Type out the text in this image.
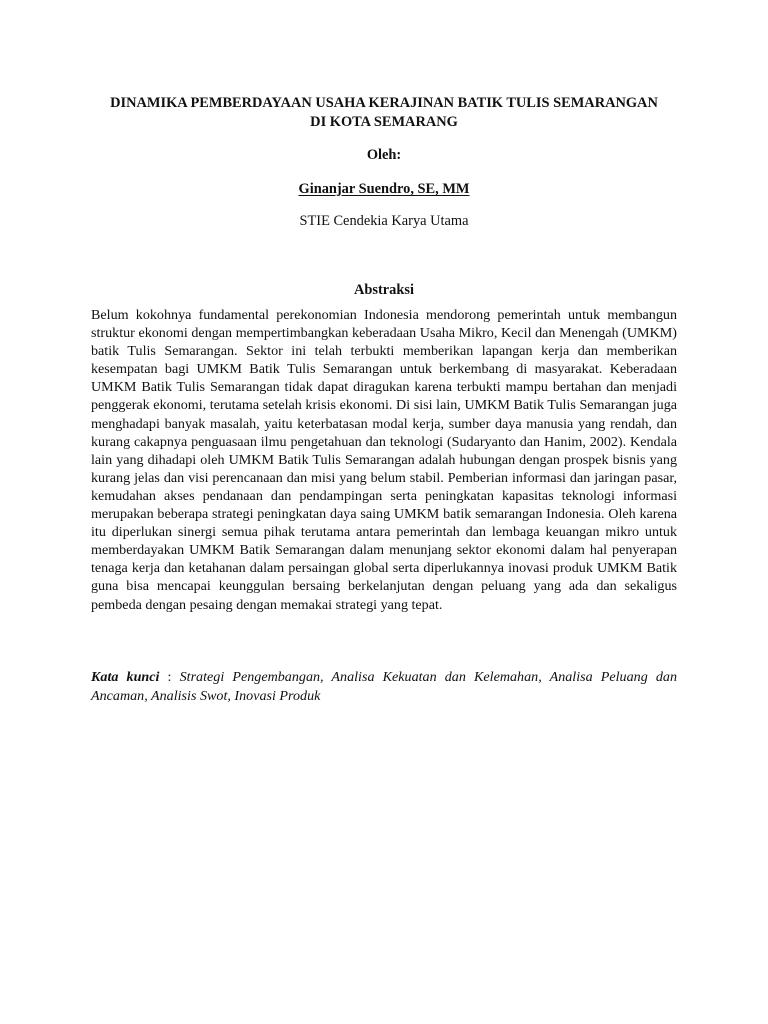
DINAMIKA PEMBERDAYAAN USAHA KERAJINAN BATIK TULIS SEMARANGAN
DI KOTA SEMARANG
Oleh:
Ginanjar Suendro, SE, MM
STIE Cendekia Karya Utama
Abstraksi
Belum kokohnya fundamental perekonomian Indonesia mendorong pemerintah untuk membangun struktur ekonomi dengan mempertimbangkan keberadaan Usaha Mikro, Kecil dan Menengah (UMKM) batik Tulis Semarangan. Sektor ini telah terbukti memberikan lapangan kerja dan memberikan kesempatan bagi UMKM Batik Tulis Semarangan untuk berkembang di masyarakat. Keberadaan UMKM Batik Tulis Semarangan tidak dapat diragukan karena terbukti mampu bertahan dan menjadi penggerak ekonomi, terutama setelah krisis ekonomi. Di sisi lain, UMKM Batik Tulis Semarangan juga menghadapi banyak masalah, yaitu keterbatasan modal kerja, sumber daya manusia yang rendah, dan kurang cakapnya penguasaan ilmu pengetahuan dan teknologi (Sudaryanto dan Hanim, 2002). Kendala lain yang dihadapi oleh UMKM Batik Tulis Semarangan adalah hubungan dengan prospek bisnis yang kurang jelas dan visi perencanaan dan misi yang belum stabil. Pemberian informasi dan jaringan pasar, kemudahan akses pendanaan dan pendampingan serta peningkatan kapasitas teknologi informasi merupakan beberapa strategi peningkatan daya saing UMKM batik semarangan Indonesia. Oleh karena itu diperlukan sinergi semua pihak terutama antara pemerintah dan lembaga keuangan mikro untuk memberdayakan UMKM Batik Semarangan dalam menunjang sektor ekonomi dalam hal penyerapan tenaga kerja dan ketahanan dalam persaingan global serta diperlukannya inovasi produk UMKM Batik guna bisa mencapai keunggulan bersaing berkelanjutan dengan peluang yang ada dan sekaligus pembeda dengan pesaing dengan memakai strategi yang tepat.
Kata kunci : Strategi Pengembangan, Analisa Kekuatan dan Kelemahan, Analisa Peluang dan Ancaman, Analisis Swot, Inovasi Produk
